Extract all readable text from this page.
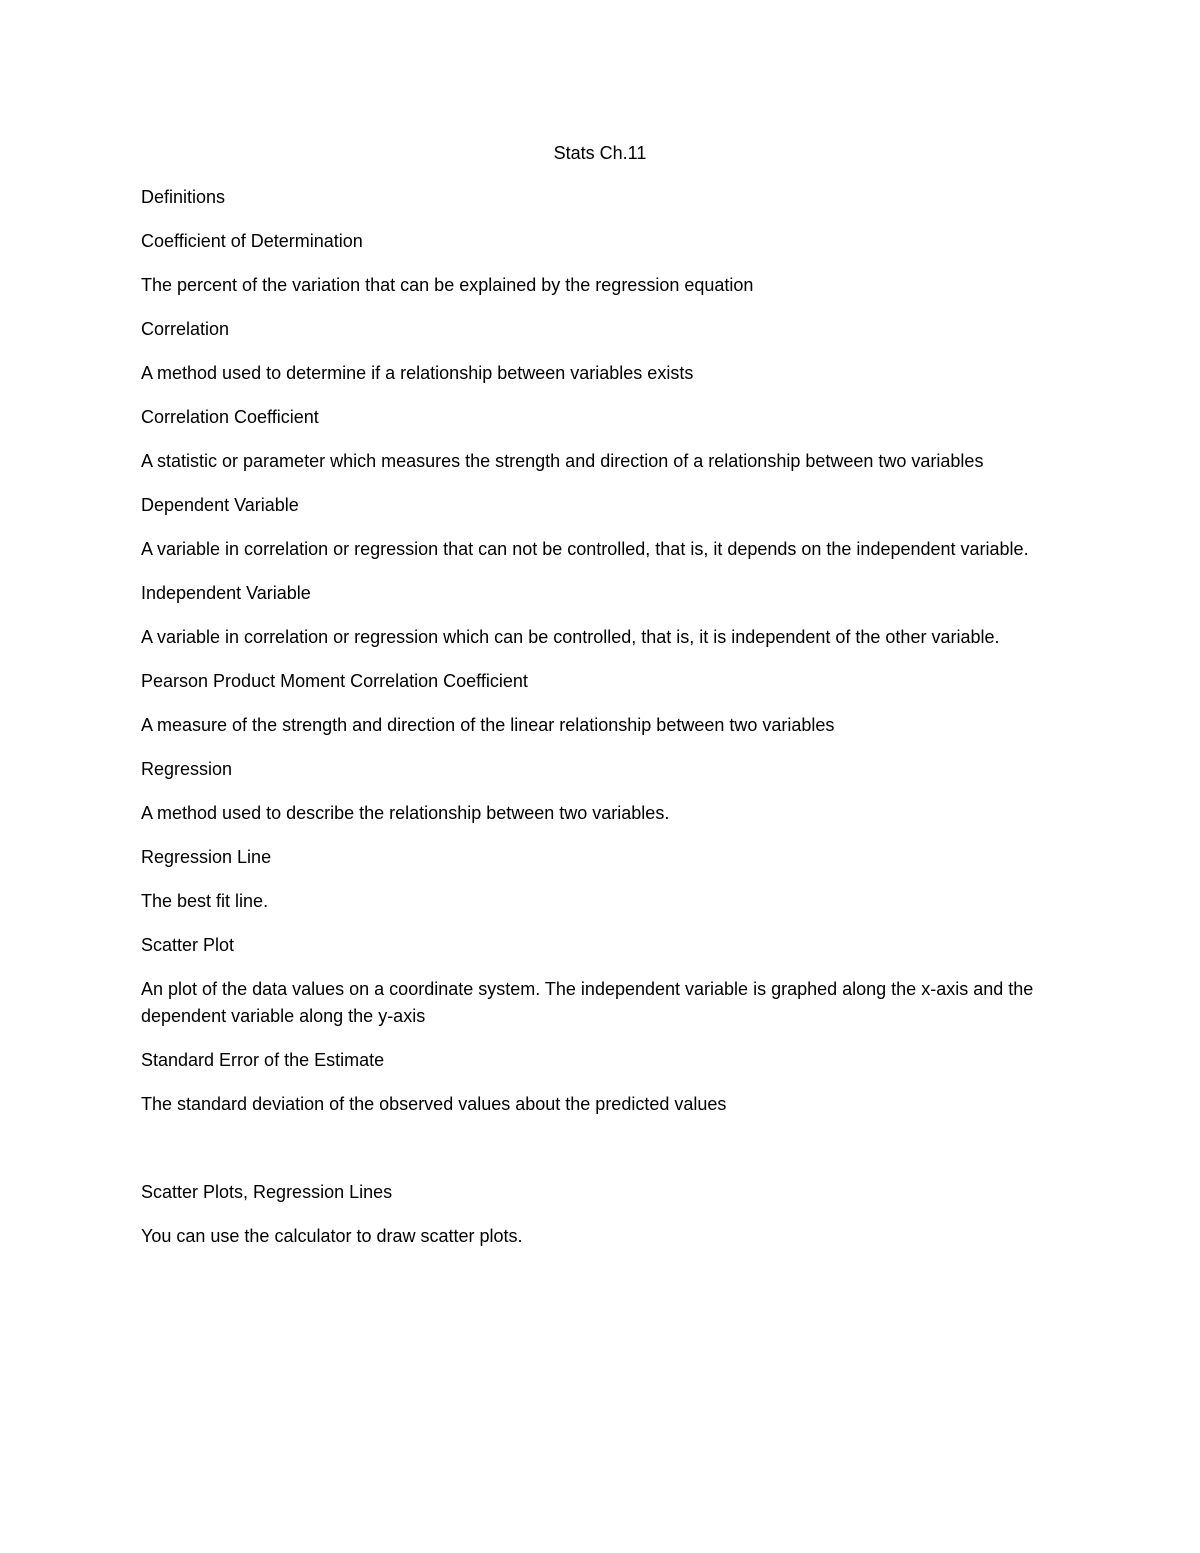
Stats Ch.11
Definitions
Coefficient of Determination
The percent of the variation that can be explained by the regression equation
Correlation
A method used to determine if a relationship between variables exists
Correlation Coefficient
A statistic or parameter which measures the strength and direction of a relationship between two variables
Dependent Variable
A variable in correlation or regression that can not be controlled, that is, it depends on the independent variable.
Independent Variable
A variable in correlation or regression which can be controlled, that is, it is independent of the other variable.
Pearson Product Moment Correlation Coefficient
A measure of the strength and direction of the linear relationship between two variables
Regression
A method used to describe the relationship between two variables.
Regression Line
The best fit line.
Scatter Plot
An plot of the data values on a coordinate system. The independent variable is graphed along the x-axis and the dependent variable along the y-axis
Standard Error of the Estimate
The standard deviation of the observed values about the predicted values
Scatter Plots, Regression Lines
You can use the calculator to draw scatter plots.
